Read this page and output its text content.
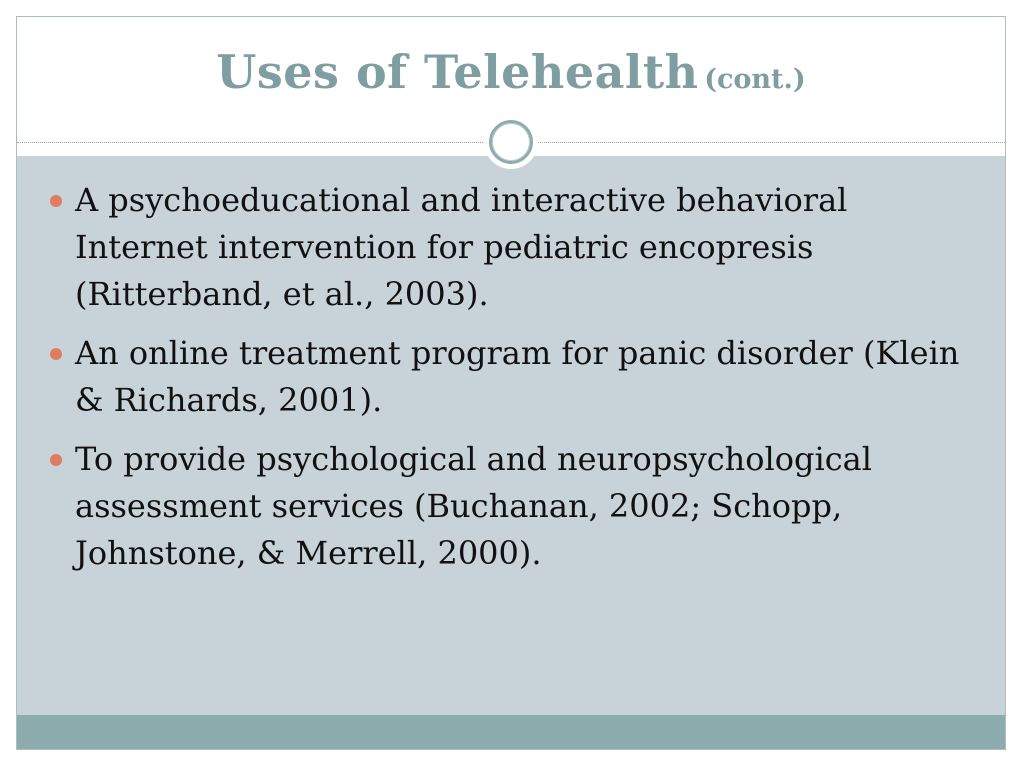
Uses of Telehealth (cont.)
A psychoeducational and interactive behavioral Internet intervention for pediatric encopresis (Ritterband, et al., 2003).
An online treatment program for panic disorder (Klein & Richards, 2001).
To provide psychological and neuropsychological assessment services (Buchanan, 2002; Schopp, Johnstone, & Merrell, 2000).
